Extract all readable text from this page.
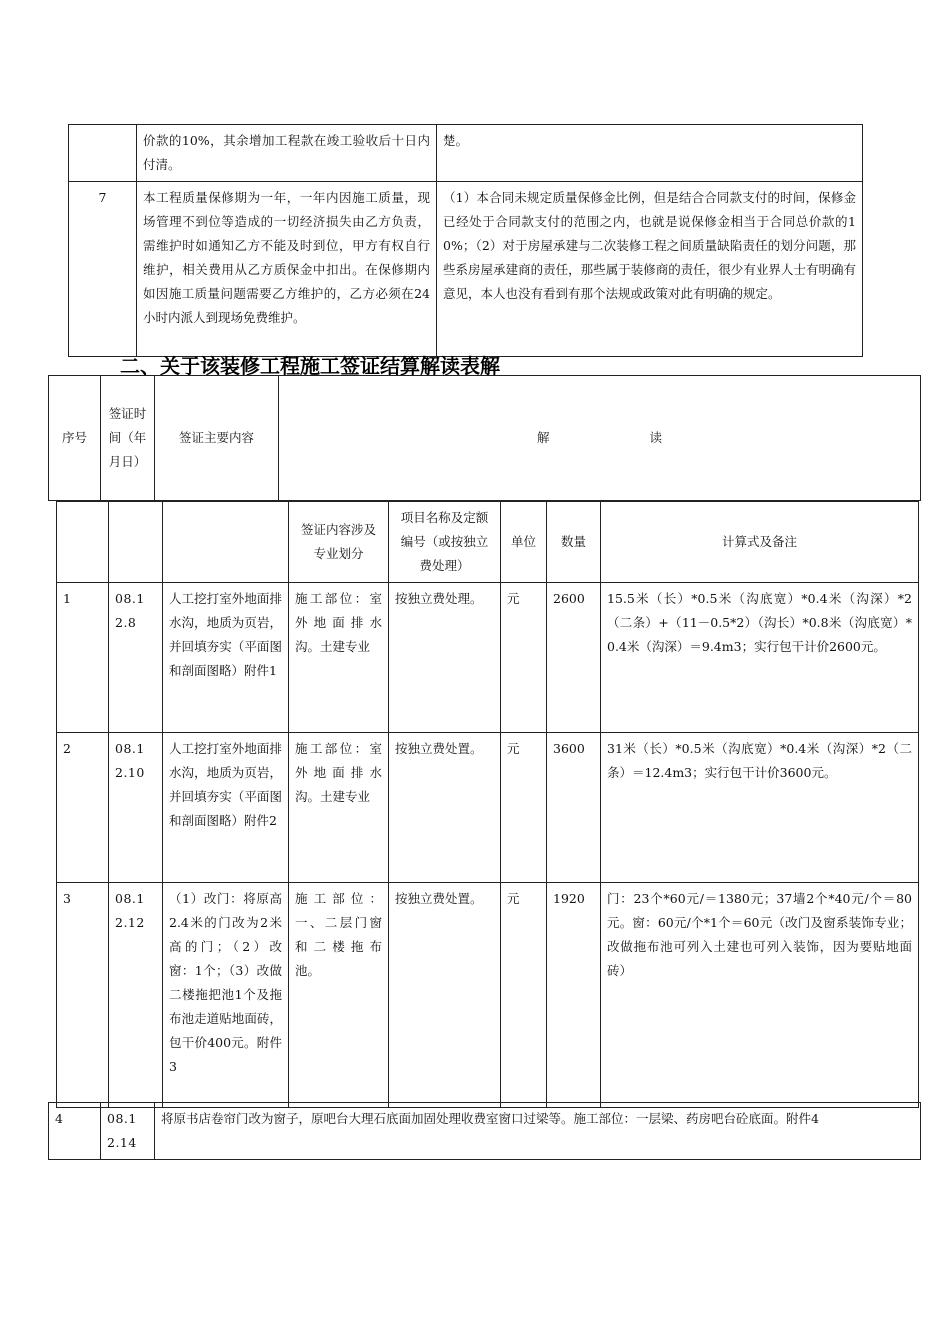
	价款的10%，其余增加工程款在竣工验收后十日内付清。	楚。
7	本工程质量保修期为一年，一年内因施工质量，现场管理不到位等造成的一切经济损失由乙方负责，需维护时如通知乙方不能及时到位，甲方有权自行维护，相关费用从乙方质保金中扣出。在保修期内如因施工质量问题需要乙方维护的，乙方必须在24小时内派人到现场免费维护。	（1）本合同未规定质量保修金比例，但是结合合同款支付的时间，保修金已经处于合同款支付的范围之内，也就是说保修金相当于合同总价款的10%；（2）对于房屋承建与二次装修工程之间质量缺陷责任的划分问题，那些系房屋承建商的责任，那些属于装修商的责任，很少有业界人士有明确有意见，本人也没有看到有那个法规或政策对此有明确的规定。
二、关于该装修工程施工签证结算解读表解
序号	签证时间（年月日）	签证主要内容	解　　　　　　　　读
			签证内容涉及专业划分	项目名称及定额编号（或按独立费处理）	单位	数量	计算式及备注
1	08.12.8	人工挖打室外地面排水沟，地质为页岩，并回填夯实（平面图和剖面图略）附件1	施工部位：室外地面排水沟。土建专业	按独立费处理。	元	2600	15.5米（长）*0.5米（沟底宽）*0.4米（沟深）*2（二条）+（11－0.5*2）（沟长）*0.8米（沟底宽）*0.4米（沟深）＝9.4m3；实行包干计价2600元。
2	08.12.10	人工挖打室外地面排水沟，地质为页岩，并回填夯实（平面图和剖面图略）附件2	施工部位：室外地面排水沟。土建专业	按独立费处置。	元	3600	31米（长）*0.5米（沟底宽）*0.4米（沟深）*2（二条）＝12.4m3；实行包干计价3600元。
3	08.12.12	（1）改门：将原高2.4米的门改为2米高的门；（2）改窗：1个；（3）改做二楼拖把池1个及拖布池走道贴地面砖，包干价400元。附件3	施工部位：一、二层门窗和二楼拖布池。	按独立费处置。	元	1920	门：23个*60元/＝1380元；37墙2个*40元/个＝80元。窗：60元/个*1个＝60元（改门及窗系装饰专业；改做拖布池可列入土建也可列入装饰，因为要贴地面砖）
4	08.12.14	将原书店卷帘门改为窗子，原吧台大理石底面加固处理收费室窗口过梁等。施工部位：一层梁、药房吧台砼底面。附件4
